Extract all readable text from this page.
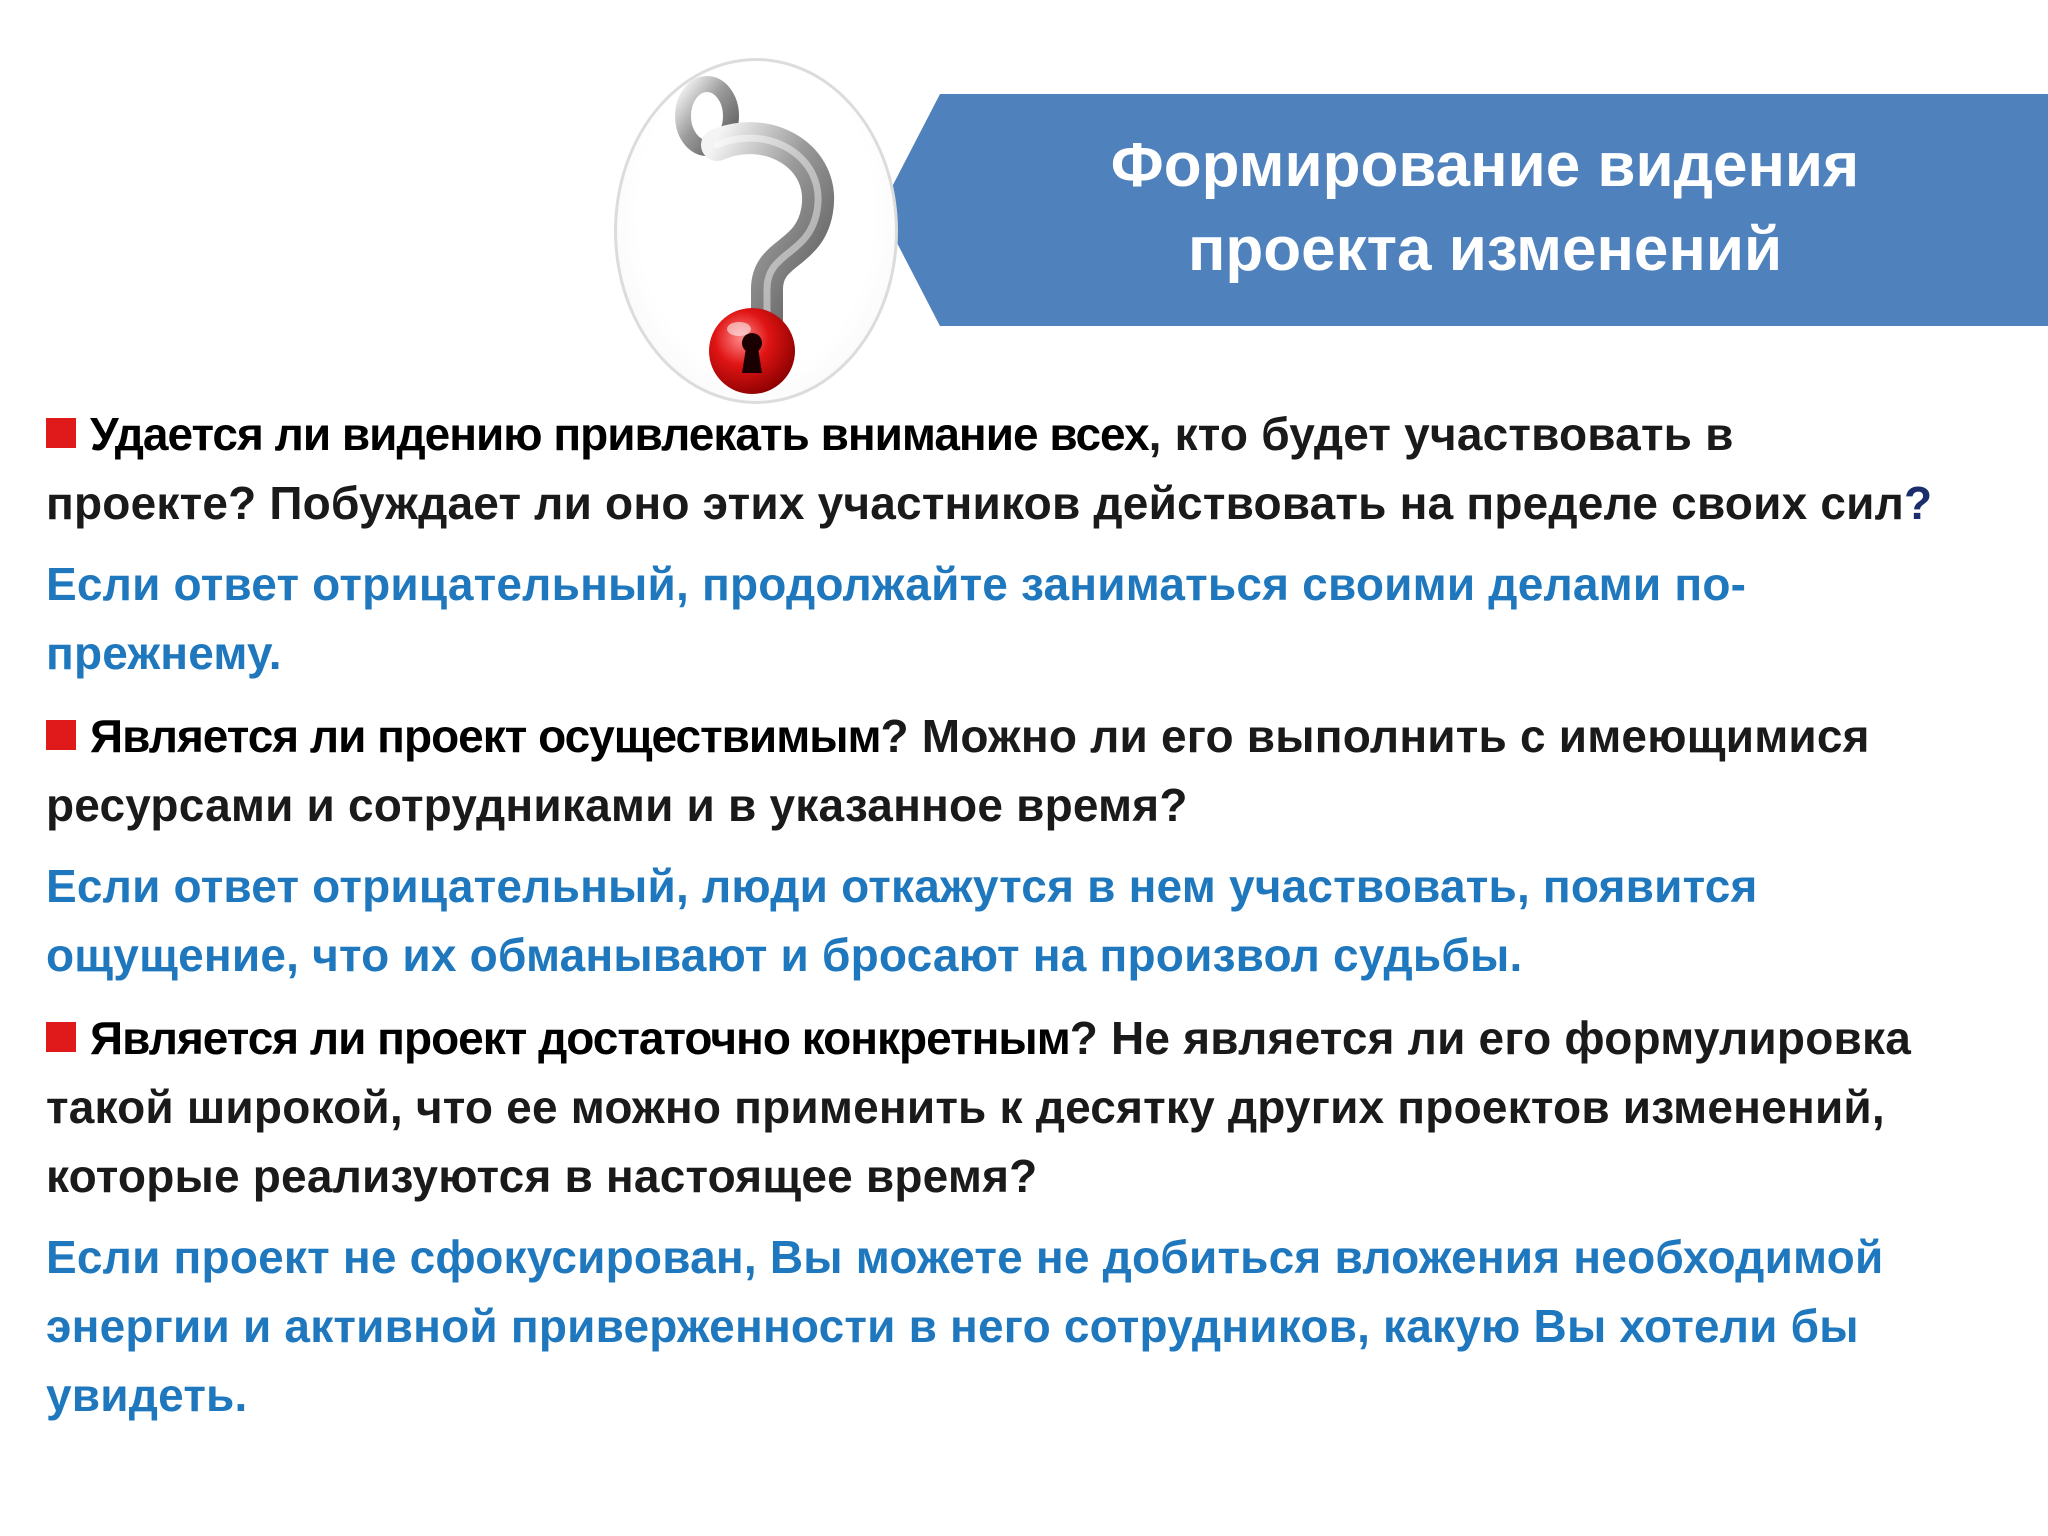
Формирование видения
проекта изменений

Удается ли видению привлекать внимание всех, кто будет участвовать в проекте? Побуждает ли оно этих участников действовать на пределе своих сил?

Если ответ отрицательный, продолжайте заниматься своими делами по-прежнему.

Является ли проект осуществимым? Можно ли его выполнить с имеющимися ресурсами и сотрудниками и в указанное время?

Если ответ отрицательный, люди откажутся в нем участвовать, появится ощущение, что их обманывают и бросают на произвол судьбы.

Является ли проект достаточно конкретным? Не является ли его формулировка такой широкой, что ее можно применить к десятку других проектов изменений, которые реализуются в настоящее время?

Если проект не сфокусирован, Вы можете не добиться вложения необходимой энергии и активной приверженности в него сотрудников, какую Вы хотели бы увидеть.
